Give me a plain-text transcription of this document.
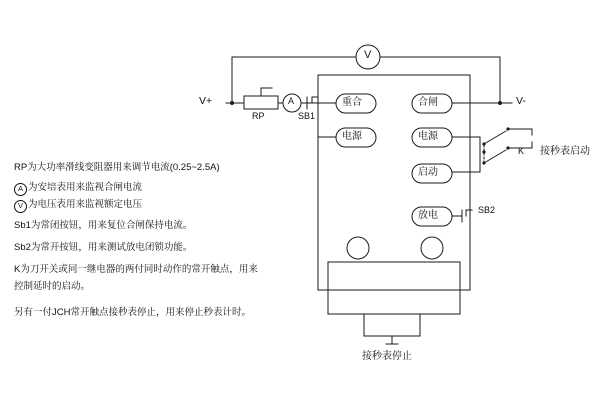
V+	V-
RP	SB1
SB2
K
A
V
重合	合闸
电源	电源
启动
放电
接秒表启动
接秒表停止
RP为大功率滑线变阻器用来调节电流(0.25~2.5A)
A 为安培表用来监视合闸电流
V 为电压表用来监视额定电压
Sb1为常闭按钮，用来复位合闸保持电流。
Sb2为常开按钮，用来测试放电闭锁功能。
K为刀开关或同一继电器的两付同时动作的常开触点，用来
控制延时的启动。
另有一付JCH常开触点接秒表停止，用来停止秒表计时。
